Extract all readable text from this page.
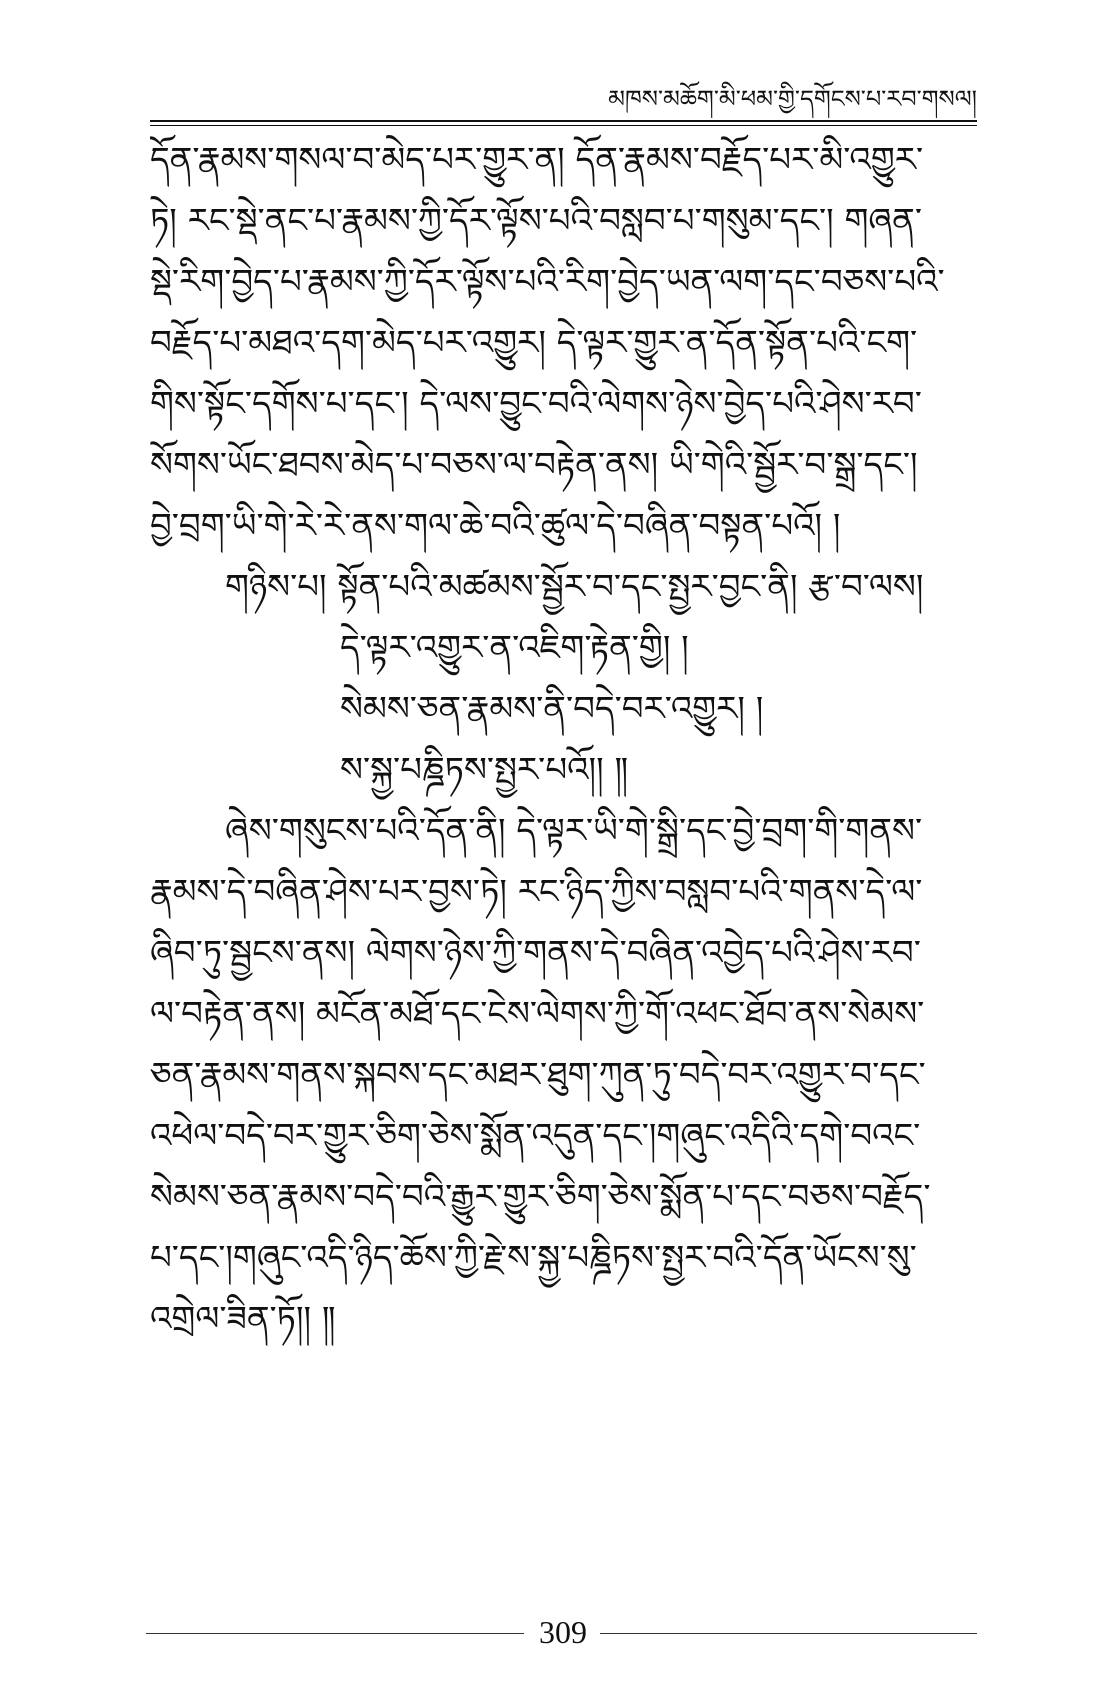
མཁས་མཆོག་མི་ཕམ་གྱི་དགོངས་པ་རབ་གསལ།
དོན་རྣམས་གསལ་བ་མེད་པར་གྱུར་ན། དོན་རྣམས་བརྗོད་པར་མི་འགྱུར་
ཏེ། རང་སྡེ་ནང་པ་རྣམས་ཀྱི་དོར་ལྟོས་པའི་བསླབ་པ་གསུམ་དང་། གཞན་
སྡེ་རིག་བྱེད་པ་རྣམས་ཀྱི་དོར་ལྟོས་པའི་རིག་བྱེད་ཡན་ལག་དང་བཅས་པའི་
བརྗོད་པ་མཐའ་དག་མེད་པར་འགྱུར། དེ་ལྟར་གྱུར་ན་དོན་སྟོན་པའི་ངག་
གིས་སྟོང་དགོས་པ་དང་། དེ་ལས་བྱུང་བའི་ལེགས་ཉེས་བྱེད་པའི་ཤེས་རབ་
སོགས་ཡོང་ཐབས་མེད་པ་བཅས་ལ་བརྟེན་ནས། ཡི་གེའི་སྦྱོར་བ་སྒྲ་དང་།
བྱེ་བྲག་ཡི་གེ་རེ་རེ་ནས་གལ་ཆེ་བའི་ཚུལ་དེ་བཞིན་བསྟན་པའོ། །
གཉིས་པ། སྟོན་པའི་མཚམས་སྦྱོར་བ་དང་སྤྱར་བྱང་ནི། རྩ་བ་ལས།
དེ་ལྟར་འགྱུར་ན་འཇིག་རྟེན་གྱི། །
སེམས་ཅན་རྣམས་ནི་བདེ་བར་འགྱུར། །
ས་སྐྱ་པཎྜིཏས་སྤྱར་པའོ།། ༎
ཞེས་གསུངས་པའི་དོན་ནི། དེ་ལྟར་ཡི་གེ་སྒྲི་དང་བྱེ་བྲག་གི་གནས་
རྣམས་དེ་བཞིན་ཤེས་པར་བྱས་ཏེ། རང་ཉིད་ཀྱིས་བསླབ་པའི་གནས་དེ་ལ་
ཞིབ་ཏུ་སྦྱངས་ནས། ལེགས་ཉེས་ཀྱི་གནས་དེ་བཞིན་འབྱེད་པའི་ཤེས་རབ་
ལ་བརྟེན་ནས། མངོན་མཐོ་དང་ངེས་ལེགས་ཀྱི་གོ་འཕང་ཐོབ་ནས་སེམས་
ཅན་རྣམས་གནས་སྐབས་དང་མཐར་ཐུག་ཀུན་ཏུ་བདེ་བར་འགྱུར་བ་དང་
འཕེལ་བདེ་བར་གྱུར་ཅིག་ཅེས་སྨོན་འདུན་དང་།གཞུང་འདིའི་དགེ་བའང་
སེམས་ཅན་རྣམས་བདེ་བའི་རྒྱུར་གྱུར་ཅིག་ཅེས་སྨོན་པ་དང་བཅས་བརྗོད་
པ་དང་།གཞུང་འདི་ཉིད་ཆོས་ཀྱི་རྗེ་ས་སྐྱ་པཎྜིཏས་སྤྱར་བའི་དོན་ཡོངས་སུ་
འགྲེལ་ཟིན་ཏོ།། ༎
309
